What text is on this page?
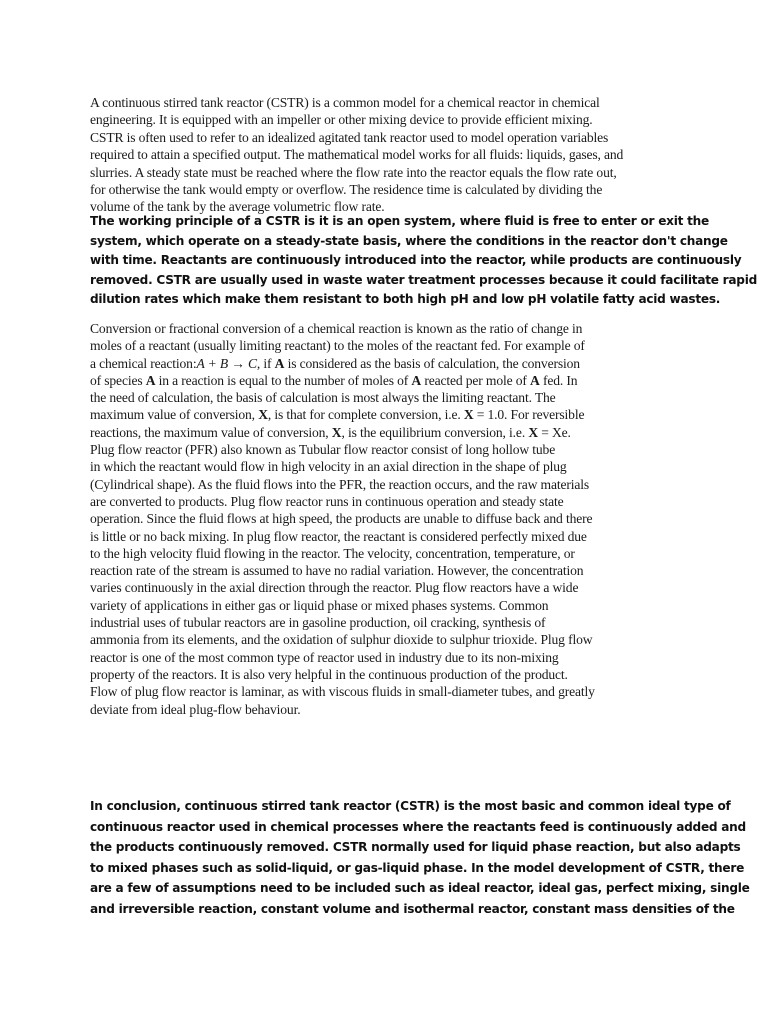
A continuous stirred tank reactor (CSTR) is a common model for a chemical reactor in chemical
engineering. It is equipped with an impeller or other mixing device to provide efficient mixing.
CSTR is often used to refer to an idealized agitated tank reactor used to model operation variables
required to attain a specified output. The mathematical model works for all fluids: liquids, gases, and
slurries. A steady state must be reached where the flow rate into the reactor equals the flow rate out,
for otherwise the tank would empty or overflow. The residence time is calculated by dividing the
volume of the tank by the average volumetric flow rate.
The working principle of a CSTR is it is an open system, where fluid is free to enter or exit the
system, which operate on a steady-state basis, where the conditions in the reactor don't change
with time. Reactants are continuously introduced into the reactor, while products are continuously
removed. CSTR are usually used in waste water treatment processes because it could facilitate rapid
dilution rates which make them resistant to both high pH and low pH volatile fatty acid wastes.
Conversion or fractional conversion of a chemical reaction is known as the ratio of change in
moles of a reactant (usually limiting reactant) to the moles of the reactant fed. For example of
a chemical reaction:A + B → C, if A is considered as the basis of calculation, the conversion
of species A in a reaction is equal to the number of moles of A reacted per mole of A fed. In
the need of calculation, the basis of calculation is most always the limiting reactant. The
maximum value of conversion, X, is that for complete conversion, i.e. X = 1.0. For reversible
reactions, the maximum value of conversion, X, is the equilibrium conversion, i.e. X = Xe.
Plug flow reactor (PFR) also known as Tubular flow reactor consist of long hollow tube
in which the reactant would flow in high velocity in an axial direction in the shape of plug
(Cylindrical shape). As the fluid flows into the PFR, the reaction occurs, and the raw materials
are converted to products. Plug flow reactor runs in continuous operation and steady state
operation. Since the fluid flows at high speed, the products are unable to diffuse back and there
is little or no back mixing. In plug flow reactor, the reactant is considered perfectly mixed due
to the high velocity fluid flowing in the reactor. The velocity, concentration, temperature, or
reaction rate of the stream is assumed to have no radial variation. However, the concentration
varies continuously in the axial direction through the reactor. Plug flow reactors have a wide
variety of applications in either gas or liquid phase or mixed phases systems. Common
industrial uses of tubular reactors are in gasoline production, oil cracking, synthesis of
ammonia from its elements, and the oxidation of sulphur dioxide to sulphur trioxide. Plug flow
reactor is one of the most common type of reactor used in industry due to its non-mixing
property of the reactors. It is also very helpful in the continuous production of the product.
Flow of plug flow reactor is laminar, as with viscous fluids in small-diameter tubes, and greatly
deviate from ideal plug-flow behaviour.
In conclusion, continuous stirred tank reactor (CSTR) is the most basic and common ideal type of
continuous reactor used in chemical processes where the reactants feed is continuously added and
the products continuously removed. CSTR normally used for liquid phase reaction, but also adapts
to mixed phases such as solid-liquid, or gas-liquid phase. In the model development of CSTR, there
are a few of assumptions need to be included such as ideal reactor, ideal gas, perfect mixing, single
and irreversible reaction, constant volume and isothermal reactor, constant mass densities of the
